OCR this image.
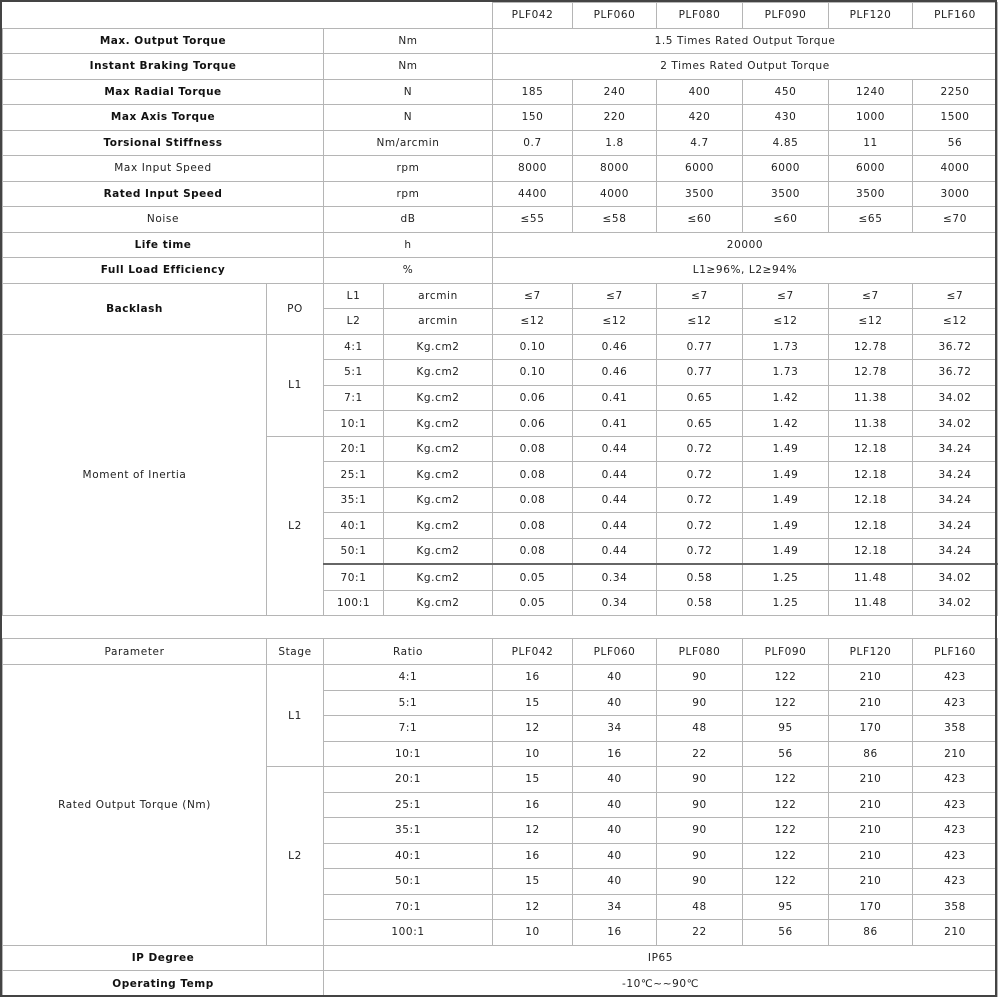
				PLF042	PLF060	PLF080	PLF090	PLF120	PLF160
Max. Output Torque		Nm		1.5 Times Rated Output Torque					
Instant Braking Torque		Nm		2 Times Rated Output Torque					
Max Radial Torque		N		185	240	400	450	1240	2250
Max Axis Torque		N		150	220	420	430	1000	1500
Torsional Stiffness		Nm/arcmin		0.7	1.8	4.7	4.85	11	56
Max Input Speed		rpm		8000	8000	6000	6000	6000	4000
Rated Input Speed		rpm		4400	4000	3500	3500	3500	3000
Noise		dB		≤55	≤58	≤60	≤60	≤65	≤70
Life time		h		20000					
Full Load Efficiency		%		L1≥96%, L2≥94%					
Backlash	PO	L1	arcmin	≤7	≤7	≤7	≤7	≤7	≤7
		L2	arcmin	≤12	≤12	≤12	≤12	≤12	≤12
Moment of Inertia	L1	4:1	Kg.cm2	0.10	0.46	0.77	1.73	12.78	36.72
		5:1	Kg.cm2	0.10	0.46	0.77	1.73	12.78	36.72
		7:1	Kg.cm2	0.06	0.41	0.65	1.42	11.38	34.02
		10:1	Kg.cm2	0.06	0.41	0.65	1.42	11.38	34.02
	L2	20:1	Kg.cm2	0.08	0.44	0.72	1.49	12.18	34.24
		25:1	Kg.cm2	0.08	0.44	0.72	1.49	12.18	34.24
		35:1	Kg.cm2	0.08	0.44	0.72	1.49	12.18	34.24
		40:1	Kg.cm2	0.08	0.44	0.72	1.49	12.18	34.24
		50:1	Kg.cm2	0.08	0.44	0.72	1.49	12.18	34.24
		70:1	Kg.cm2	0.05	0.34	0.58	1.25	11.48	34.02
		100:1	Kg.cm2	0.05	0.34	0.58	1.25	11.48	34.02

Parameter	Stage	Ratio		PLF042	PLF060	PLF080	PLF090	PLF120	PLF160
Rated Output Torque (Nm)	L1	4:1		16	40	90	122	210	423
		5:1		15	40	90	122	210	423
		7:1		12	34	48	95	170	358
		10:1		10	16	22	56	86	210
	L2	20:1		15	40	90	122	210	423
		25:1		16	40	90	122	210	423
		35:1		12	40	90	122	210	423
		40:1		16	40	90	122	210	423
		50:1		15	40	90	122	210	423
		70:1		12	34	48	95	170	358
		100:1		10	16	22	56	86	210
IP Degree		IP65							
Operating Temp		-10℃~~90℃							
